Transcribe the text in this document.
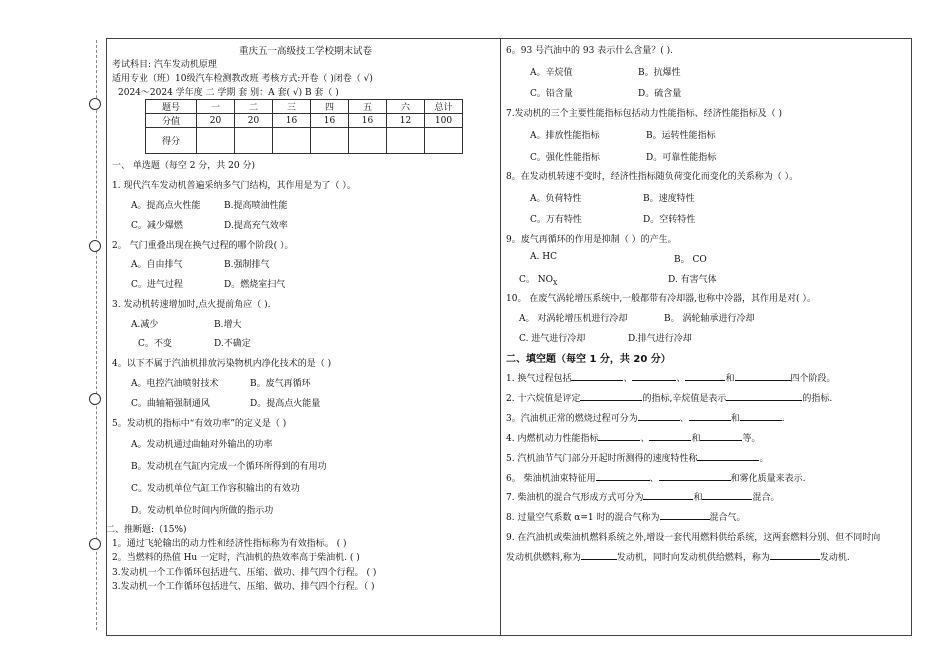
重庆五一高级技工学校期末试卷
考试科目: 汽车发动机原理
适用专业（班）10级汽车检测教改班 考核方式:开卷（ )闭卷（ √)
2024～2024 学年度 二 学期 套 别：A 套( √) B 套（ )
题号	一	二	三	四	五	六	总计
分值	20	20	16	16	16	12	100
得分							
一、 单选题（每空 2 分，共 20 分)
1. 现代汽车发动机普遍采纳多气门结构，其作用是为了（ ）。
A。提高点火性能	B.提高喷油性能
C。减少爆燃	D.提高充气效率
2。 气门重叠出现在换气过程的哪个阶段( ）。
A。自由排气	B.强制排气
C。进气过程	D。燃烧室扫气
3. 发动机转速增加时,点火提前角应（ ).
A.减少	B.增大
C。不变	D.不确定
4。以下不属于汽油机排放污染物机内净化技术的是（ )
A。电控汽油喷射技术	B。废气再循环
C。曲轴箱强制通风	D。提高点火能量
5。发动机的指标中“有效功率”的定义是（ )
A。发动机通过曲轴对外输出的功率
B。发动机在气缸内完成一个循环所得到的有用功
C。发动机单位气缸工作容积输出的有效功
D。发动机单位时间内所做的指示功
二、推断题:（15%)
1。通过飞轮输出的动力性和经济性指标称为有效指标。 ( )
2。当燃料的热值 Hu 一定时，汽油机的热效率高于柴油机. ( )
3.发动机一个工作循环包括进气、压缩、做功、排气四个行程。 ( )
3.发动机一个工作循环包括进气、压缩、做功、排气四个行程。（ )
6。93 号汽油中的 93 表示什么含量？( ).
A。辛烷值	B。抗爆性
C。铅含量	D。硫含量
7.发动机的三个主要性能指标包括动力性能指标、经济性能指标及（ )
A。排放性能指标	B。运转性能指标
C。强化性能指标	D。可靠性能指标
8。在发动机转速不变时，经济性指标随负荷变化而变化的关系称为（ ）。
A。负荷特性	B。速度特性
C。万有特性	D。空转特性
9。废气再循环的作用是抑制（ ）的产生。
A. HC	B。 CO
C。 $NO_X$	D. 有害气体
10。 在废气涡轮增压系统中,一般都带有冷却器,也称中冷器，其作用是对( ）。
A。 对涡轮增压机进行冷却	B。 涡轮轴承进行冷却
C. 进气进行冷却	D.排气进行冷却
二、填空题（每空 1 分，共 20 分）
1. 换气过程包括	、	、	和	四个阶段。
2. 十六烷值是评定	的指标,辛烷值是表示	的指标.
3。汽油机正常的燃烧过程可分为	、	和	.
4. 内燃机动力性能指标	、	和	等。
5. 汽机油节气门部分开起时所测得的速度特性称	。
6。 柴油机油束特征用	、	和雾化质量来表示.
7. 柴油机的混合气形成方式可分为	和	混合。
8. 过量空气系数 α=1 时的混合气称为	混合气。
9. 在汽油机或柴油机燃料系统之外,增设一套代用燃料供给系统，这两套燃料分别、但不同时向
发动机供燃料,称为	发动机，同时向发动机供给燃料，称为	发动机.
